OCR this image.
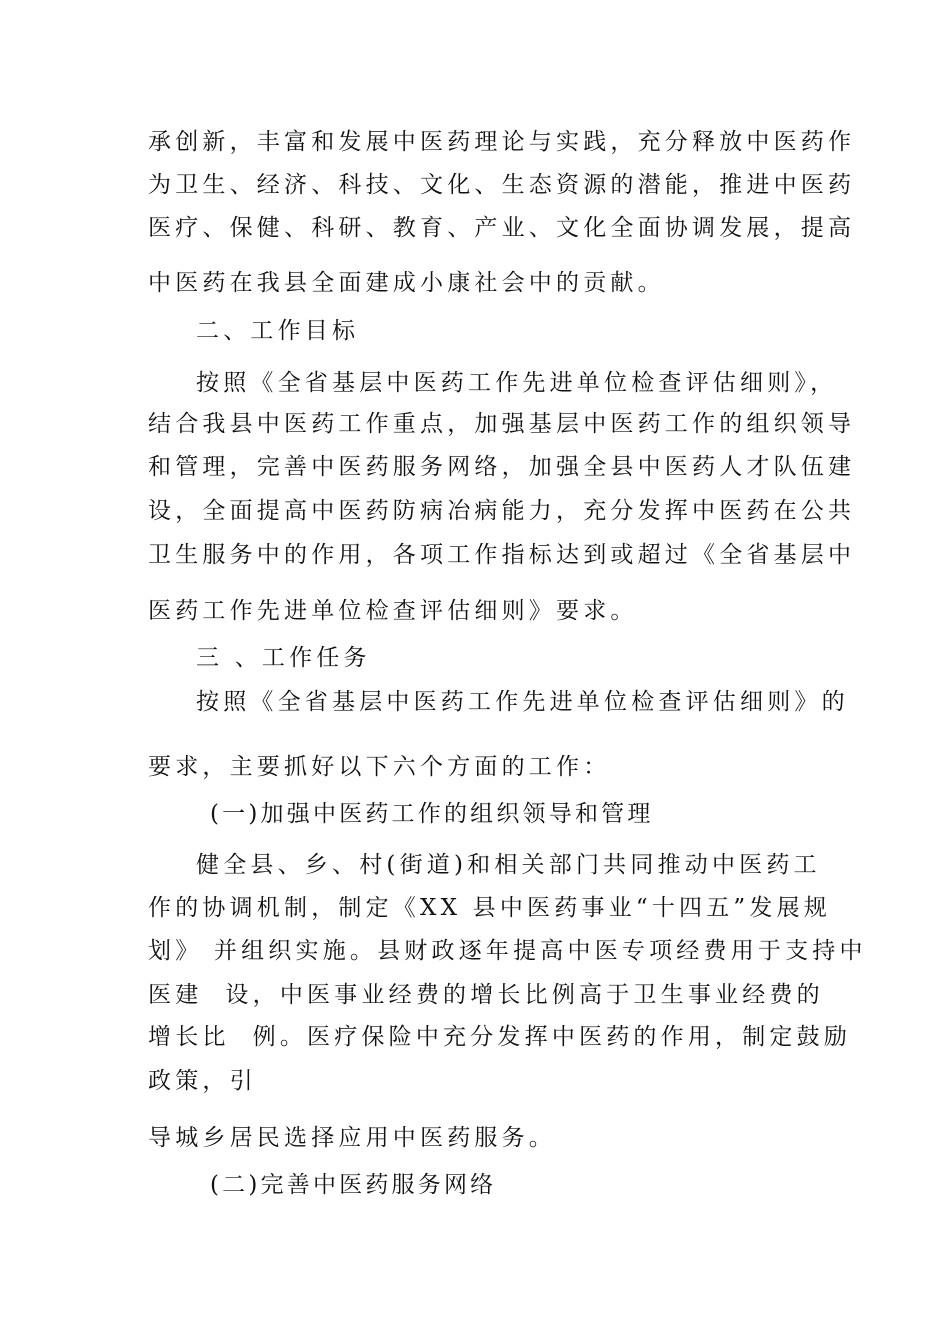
承创新，丰富和发展中医药理论与实践，充分释放中医药作
为卫生、经济、科技、文化、生态资源的潜能，推进中医药
医疗、保健、科研、教育、产业、文化全面协调发展，提高
中医药在我县全面建成小康社会中的贡献。
二、工作目标
按照《全省基层中医药工作先进单位检查评估细则》，
结合我县中医药工作重点，加强基层中医药工作的组织领导
和管理，完善中医药服务网络，加强全县中医药人才队伍建
设，全面提高中医药防病冶病能力，充分发挥中医药在公共
卫生服务中的作用，各项工作指标达到或超过《全省基层中
医药工作先进单位检查评估细则》要求。
三 、工作任务
按照《全省基层中医药工作先进单位检查评估细则》的
要求，主要抓好以下六个方面的工作：
(一)加强中医药工作的组织领导和管理
健全县、乡、村(街道)和相关部门共同推动中医药工
作的协调机制，制定《XX 县中医药事业“十四五”发展规
划》 并组织实施。县财政逐年提高中医专项经费用于支持中
医建  设，中医事业经费的增长比例高于卫生事业经费的
增长比  例。医疗保险中充分发挥中医药的作用，制定鼓励
政策，引
导城乡居民选择应用中医药服务。
(二)完善中医药服务网络
